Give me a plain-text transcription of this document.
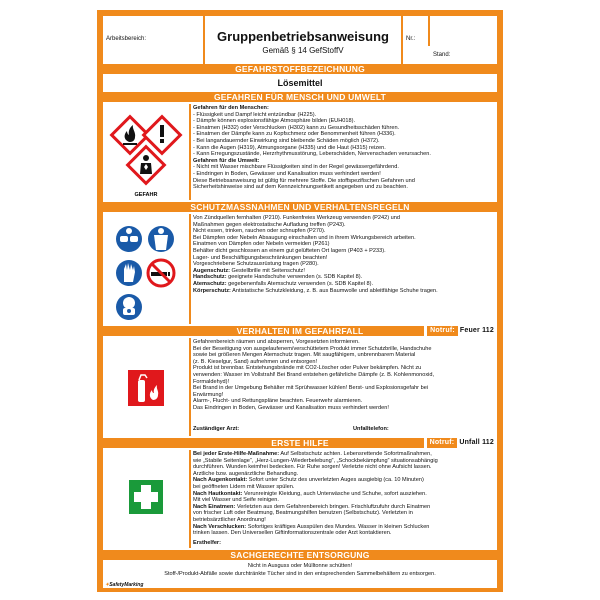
Arbeitsbereich:	Gruppenbetriebsanweisung
Gemäß § 14 GefStoffV
Nr.:
Stand:
GEFAHRSTOFFBEZEICHNUNG
Lösemittel
GEFAHREN FÜR MENSCH UND UMWELT
GEFAHR
Gefahren für den Menschen:
- Flüssigkeit und Dampf leicht entzündbar (H225).
- Dämpfe können explosionsfähige Atmosphäre bilden (EUH018).
- Einatmen (H332) oder Verschlucken (H302) kann zu Gesundheitsschäden führen.
- Einatmen der Dämpfe kann zu Kopfschmerz oder Benommenheit führen (H336).
- Bei langandauernder Einwirkung sind bleibende Schäden möglich (H372).
- Kann die Augen (H319), Atmungsorgane (H335) und die Haut (H315) reizen.
- Kann Erregungszustände, Herzrhythmusstörung, Leberschäden, Nervenschaden verursachen.
Gefahren für die Umwelt:
- Nicht mit Wasser mischbare Flüssigkeiten sind in der Regel gewässergefährdend.
- Eindringen in Boden, Gewässer und Kanalisation muss verhindert werden!
Diese Betriebsanweisung ist gültig für mehrere Stoffe. Die stoffspezifischen Gefahren und
Sicherheitshinweise sind auf dem Kennzeichnungsetikett angegeben und zu beachten.
SCHUTZMASSNAHMEN UND VERHALTENSREGELN
Von Zündquellen fernhalten (P210). Funkenfreies Werkzeug verwenden (P242) und
Maßnahmen gegen elektrostatische Aufladung treffen (P243).
Nicht essen, trinken, rauchen oder schnupfen (P270).
Bei Dämpfen oder Nebeln Absaugung einschalten und in ihrem Wirkungsbereich arbeiten.
Einatmen von Dämpfen oder Nebeln vermeiden (P261)
Behälter dicht geschlossen an einem gut gelüfteten Ort lagern (P403 + P233).
Lager- und Beschäftigungsbeschränkungen beachten!
Vorgeschriebene Schutzausrüstung tragen (P280).
Augenschutz: Gestellbrille mit Seitenschutz!
Handschutz: geeignete Handschuhe verwenden (s. SDB Kapitel 8).
Atemschutz: gegebenenfalls Atemschutz verwenden (s. SDB Kapitel 8).
Körperschutz: Antistatische Schutzkleidung, z. B. aus Baumwolle und ableitfähige Schuhe tragen.
VERHALTEN IM GEFAHRFALL	Notruf: Feuer 112
Gefahrenbereich räumen und absperren, Vorgesetzten informieren.
Bei der Beseitigung von ausgelaufenem/verschüttetem Produkt immer Schutzbrille, Handschuhe
sowie bei größeren Mengen Atemschutz tragen. Mit saugfähigem, unbrennbarem Material
(z. B. Kieselgur, Sand) aufnehmen und entsorgen!
Produkt ist brennbar. Entstehungsbrände mit CO2-Löscher oder Pulver bekämpfen. Nicht zu
verwenden: Wasser im Vollstrahl! Bei Brand entstehen gefährliche Dämpfe (z. B. Kohlenmonoxid,
Formaldehyd)!
Bei Brand in der Umgebung Behälter mit Sprühwasser kühlen! Berst- und Explosionsgefahr bei
Erwärmung!
Alarm-, Flucht- und Rettungspläne beachten. Feuerwehr alarmieren.
Das Eindringen in Boden, Gewässer und Kanalisation muss verhindert werden!
Zuständiger Arzt:	Unfalltelefon:
ERSTE HILFE	Notruf: Unfall 112
Bei jeder Erste-Hilfe-Maßnahme: Auf Selbstschutz achten. Lebensrettende Sofortmaßnahmen,
wie „Stabile Seitenlage“, „Herz-Lungen-Wiederbelebung“, „Schockbekämpfung“ situationsabhängig
durchführen. Wunden keimfrei bedecken. Für Ruhe sorgen! Verletzte nicht ohne Aufsicht lassen.
Ärztliche bzw. augenärztliche Behandlung.
Nach Augenkontakt: Sofort unter Schutz des unverletzten Auges ausgiebig (ca. 10 Minuten)
bei geöffneten Lidern mit Wasser spülen.
Nach Hautkontakt: Verunreinigte Kleidung, auch Unterwäsche und Schuhe, sofort ausziehen.
Mit viel Wasser und Seife reinigen.
Nach Einatmen: Verletzten aus dem Gefahrenbereich bringen. Frischluftzufuhr durch Einatmen
von frischer Luft oder Beatmung, Beatmungshilfen benutzen (Selbstschutz). Verletzten in
betriebsärztlicher Anordnung!
Nach Verschlucken: Sofortiges kräftiges Ausspülen des Mundes. Wasser in kleinen Schlucken
trinken lassen. Den Universellen Giftinformationszentrale oder Arzt kontaktieren.
Ersthelfer:
SACHGERECHTE ENTSORGUNG
Nicht in Ausguss oder Mülltonne schütten!
Stoff-/Produkt-Abfälle sowie durchtränkte Tücher sind in den entsprechenden Sammelbehältern zu entsorgen.
✦SafetyMarking
